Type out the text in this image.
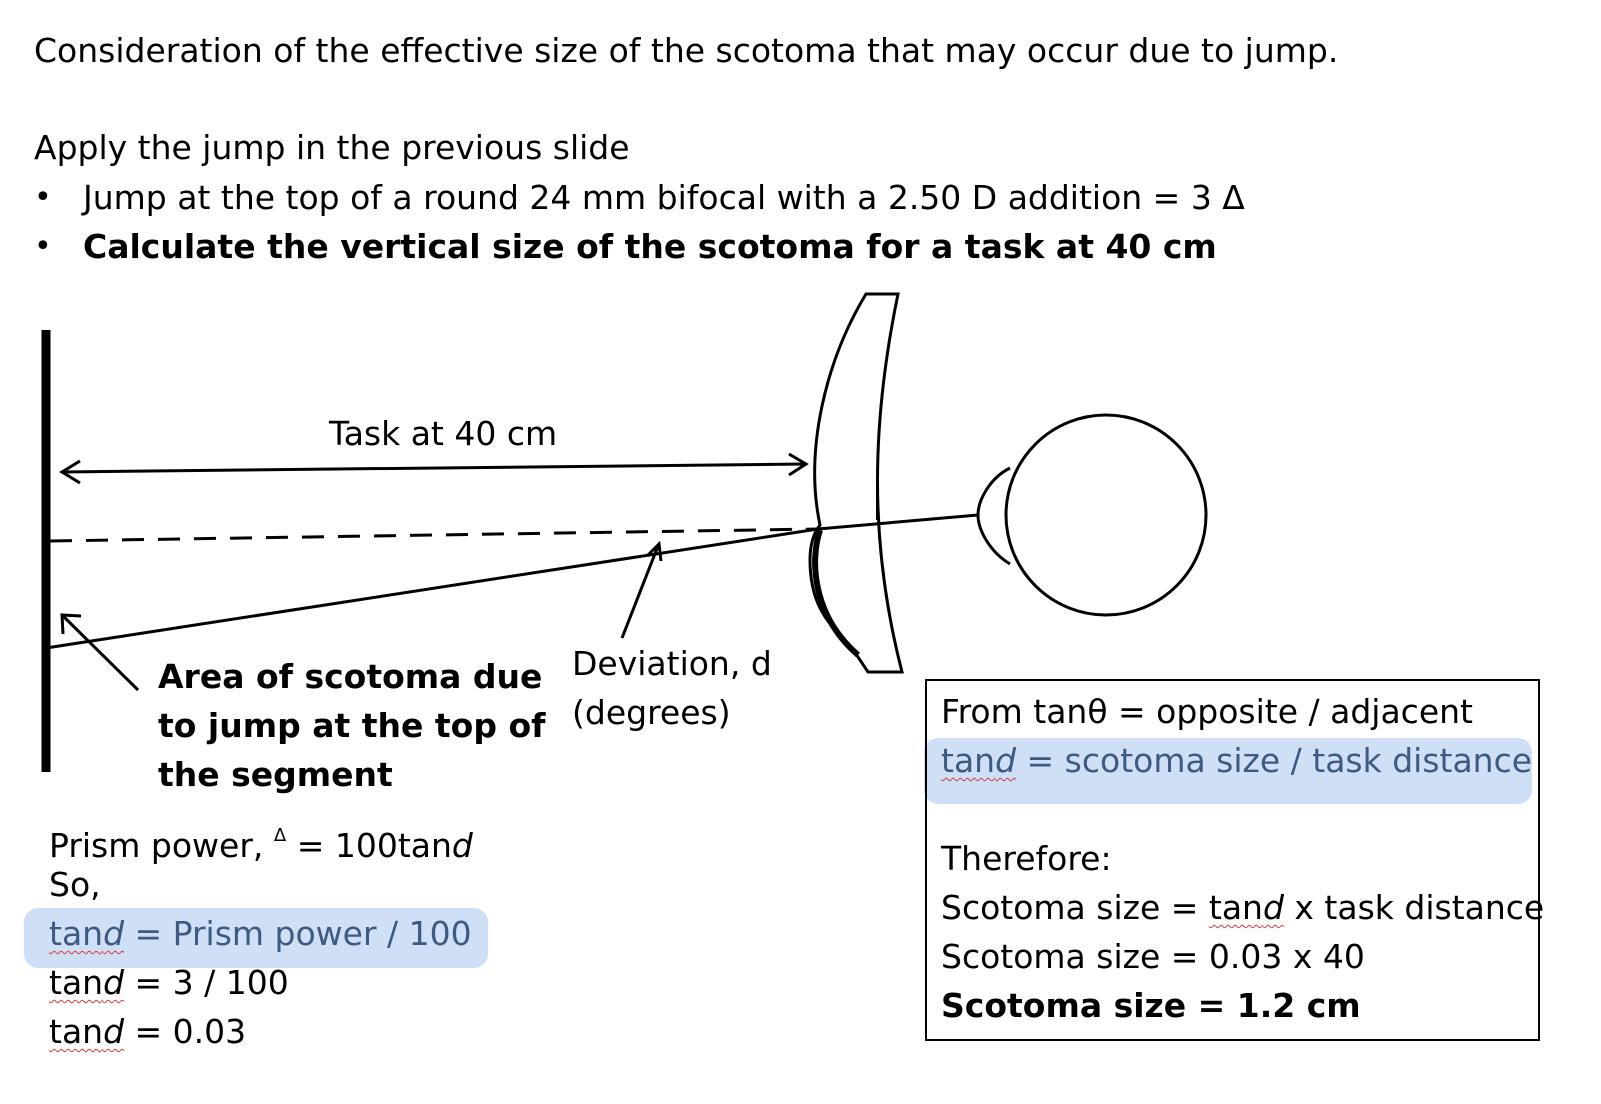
Consideration of the effective size of the scotoma that may occur due to jump.
Apply the jump in the previous slide
• Jump at the top of a round 24 mm bifocal with a 2.50 D addition = 3 Δ
• Calculate the vertical size of the scotoma for a task at 40 cm
Task at 40 cm
Deviation, d
(degrees)
Area of scotoma due
to jump at the top of
the segment
Prism power, $^\Delta$ = 100tand
So,
tand = Prism power / 100
tand = 3 / 100
tand = 0.03
From tanθ = opposite / adjacent
tand = scotoma size / task distance
Therefore:
Scotoma size = tand x task distance
Scotoma size = 0.03 x 40
Scotoma size = 1.2 cm
